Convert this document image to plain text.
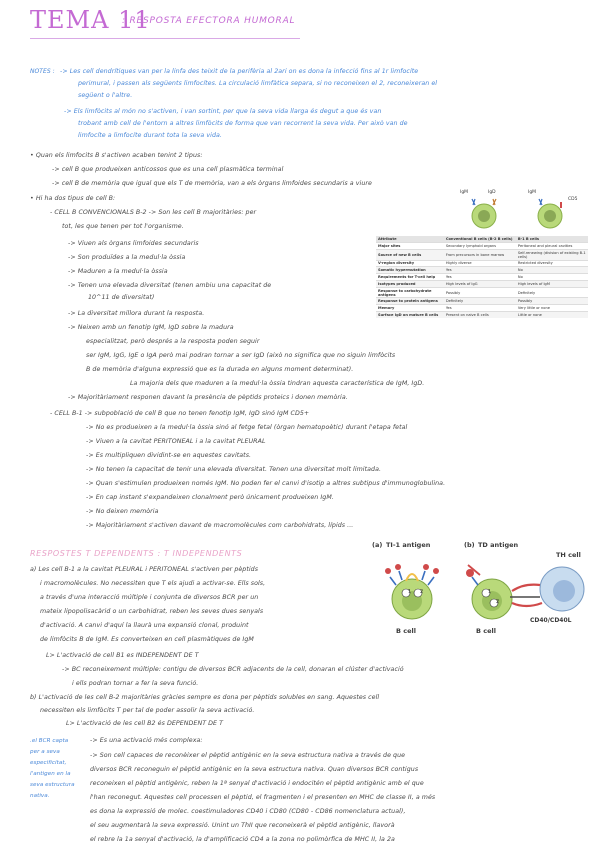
TEMA 11
: RESPOSTA EFECTORA HUMORAL
NOTES : -> Les cell dendrítiques van per la linfa des teixit de la perifèria al 2ari on es dona la infecció fins al 1r limfocíte
perimural, i passen als següents limfocítes. La circulació limfàtica separa, si no reconeixen el 2, reconeixeran el
següent o l'altre.
-> Els limfòcits al món no s'activen, i van sortint, per que la seva vida llarga és degut a que és van
trobant amb cell de l'entorn a altres limfòcits de forma que van recorrent la seva vida. Per això van de
limfocíte a limfocíte durant tota la seva vida.
• Quan els limfocits B s'activen acaben tenint 2 tipus:
-> cell B que produeixen anticossos que es una cell plasmàtica terminal
-> cell B de memòria que igual que els T de memòria, van a els òrgans limfoides secundaris a viure
• Hi ha dos tipus de cell B:
- CELL B CONVENCIONALS B-2 -> Son les cell B majoritàries: per
tot, les que tenen per tot l'organisme.
-> Viuen als òrgans limfoides secundaris
-> Son produïdes a la medul·la òssia
-> Maduren a la medul·la òssia
-> Tenen una elevada diversitat (tenen ambiu una capacitat de
10^11 de diversitat)
-> La diversitat millora durant la resposta.
-> Neixen amb un fenotip IgM, IgD sobre la madura
especialitzat, però després a la resposta poden seguir
ser IgM, IgG, IgE o IgA però mai podran tornar a ser IgD (això no significa que no siguin limfòcits
B de memòria d'alguna expressió que es la durada en alguns moment determinat).
La majoria dels que maduren a la medul·la òssia tindran aquesta característica de IgM, IgD.
-> Majoritàriament responen davant la presència de pèptids proteics i donen memòria.
- CELL B-1 -> subpoblació de cell B que no tenen fenotip IgM, IgD sinó IgM CD5+
-> No es produeixen a la medul·la òssia sinó al fetge fetal (òrgan hematopoètic) durant l'etapa fetal
-> Viuen a la cavitat PERITONEAL i a la cavitat PLEURAL
-> Es multipliquen dividint-se en aquestes cavitats.
-> No tenen la capacitat de tenir una elevada diversitat. Tenen una diversitat molt limitada.
-> Quan s'estimulen produeixen només IgM. No poden fer el canvi d'isotip a altres subtipus d'immunoglobulina.
-> En cap instant s'expandeixen clonalment però únicament produeixen IgM.
-> No deixen memòria
-> Majoritàriament s'activen davant de macromolècules com carbohidrats, lípids ...
IgM	IgD	IgM
CD5
Attribute	Conventional B cells (B-2 B cells)	B-1 B cells
Major sites	Secondary lymphoid organs	Peritoneal and pleural cavities
Source of new B cells	From precursors in bone marrow	Self-renewing (division of existing B-1 cells)
V-region diversity	Highly diverse	Restricted diversity
Somatic hypermutation	Yes	No
Requirements for T-cell help	Yes	No
Isotypes produced	High levels of IgG	High levels of IgM
Response to carbohydrate antigens	Possibly	Definitely
Response to protein antigens	Definitely	Possibly
Memory	Yes	Very little or none
Surface IgD on mature B cells	Present on naive B cells	Little or none
RESPOSTES T DEPENDENTS : T INDEPENDENTS
a) Les cell B-1 a la cavitat PLEURAL i PERITONEAL s'activen per pèptids
i macromolècules. No necessiten que T els ajudi a activar-se. Ells sols,
a través d'una interacció múltiple i conjunta de diversos BCR per un
mateix lipopolisacàrid o un carbohidrat, reben les seves dues senyals
d'activació. A canvi d'aquí la llaurà una expansió clonal, produint
de limfòcits B de IgM. Es converteixen en cell plasmàtiques de IgM
L> L'activació de cell B1 es INDEPENDENT DE T
-> BC reconeixement múltiple: contigu de diversos BCR adjacents de la cell, donaran el clúster d'activació
i ells podran tornar a fer la seva funció.
b) L'activació de les cell B-2 majoritàries gràcies sempre es dona per pèptids solubles en sang. Aquestes cell
necessiten els limfòcits T per tal de poder assolir la seva activació.
L> L'activació de les cell B2 és DEPENDENT DE T
.el BCR capta
per a seva
especificitat,
l'antigen en la
seva estructura
nativa.
-> Es una activació més complexa:
-> Son cell capaces de reconèixer el pèptid antigènic en la seva estructura nativa a través de que
diversos BCR reconeguin el pèptid antigènic en la seva estructura nativa. Quan diversos BCR contigus
reconeixen el pèptid antigènic, reben la 1ª senyal d'activació i endocitén el pèptid antigènic amb el que
l'han reconegut. Aquestes cell processen el pèptid, el fragmenten i el presenten en MHC de classe II, a més
es dona la expressió de molec. coestimuladores CD40 i CD80 (CD80 - CD86 nomenclatura actual),
el seu augmentarà la seva expressió. Unint un ThII que reconeixerà el pèptid antigènic, llavorà
el rebre la 1a senyal d'activació, la d'amplificació CD4 a la zona no polimòrfica de MHC II, la 2a
(a) TI-1 antigen	(b) TD antigen
1 2	1
2
B cell	B cell
TH cell
CD40/CD40L
